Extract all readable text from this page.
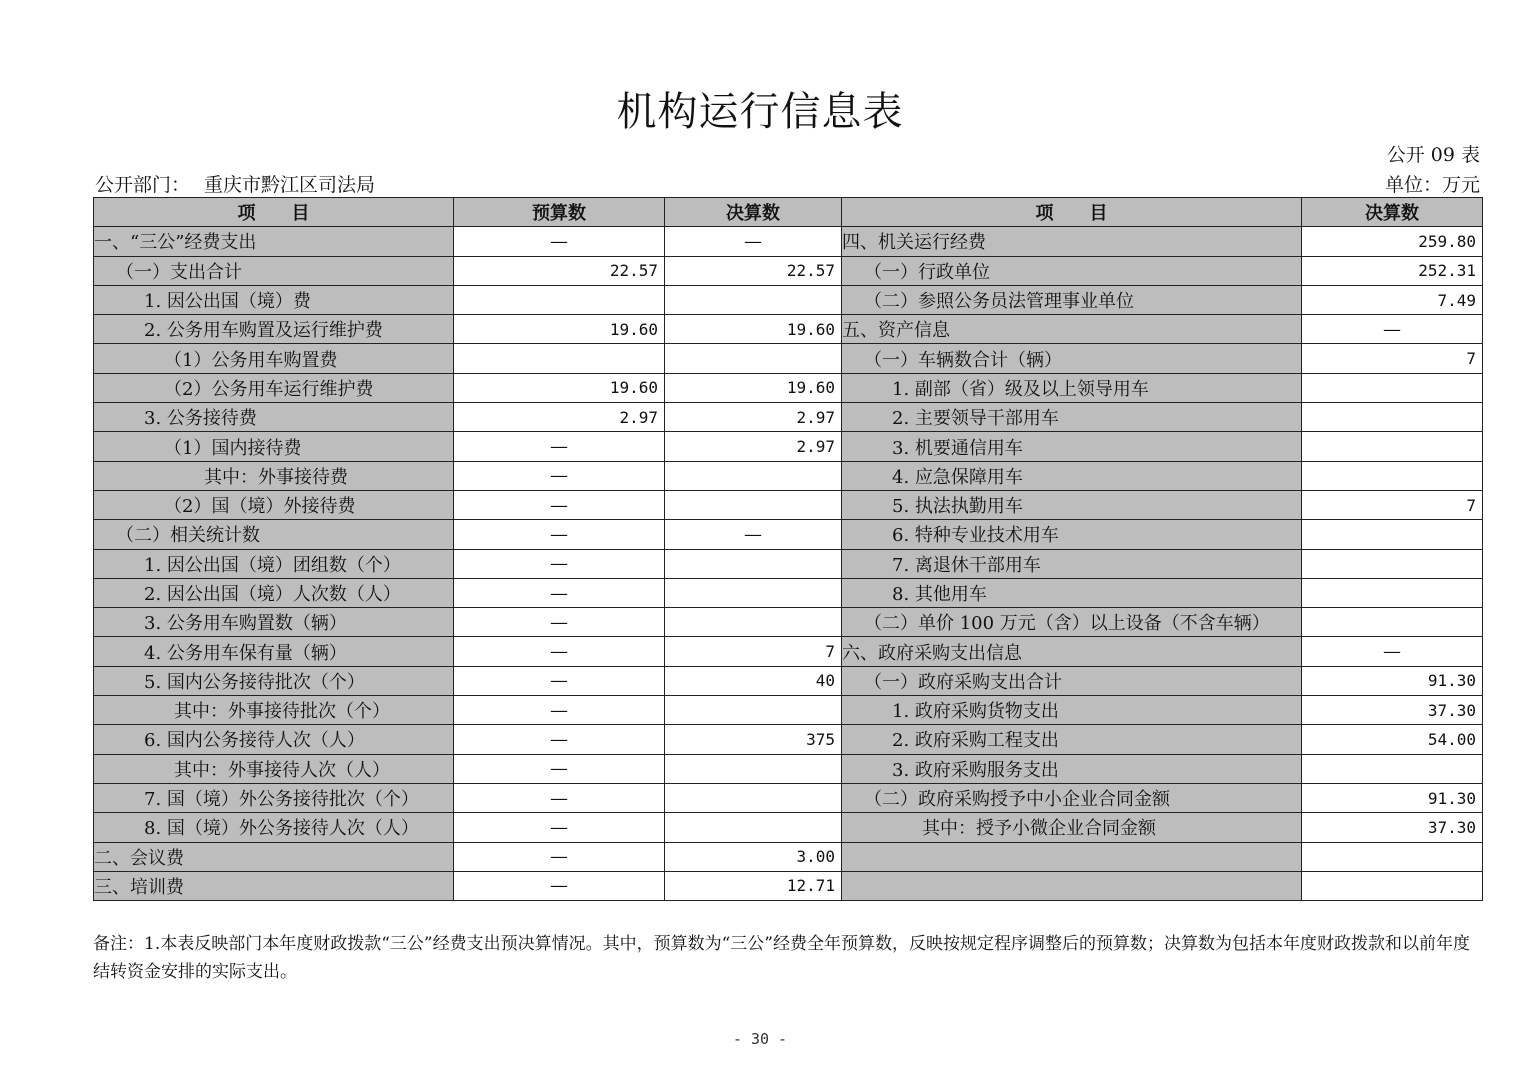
机构运行信息表
公开 09 表
公开部门： 重庆市黔江区司法局	单位：万元
项　　目	预算数	决算数	项　　目	决算数
一、“三公”经费支出	—	—	四、机关运行经费	259.80
（一）支出合计	22.57	22.57	（一）行政单位	252.31
1. 因公出国（境）费			（二）参照公务员法管理事业单位	7.49
2. 公务用车购置及运行维护费	19.60	19.60	五、资产信息	—
（1）公务用车购置费			（一）车辆数合计（辆）	7
（2）公务用车运行维护费	19.60	19.60	1. 副部（省）级及以上领导用车	
3. 公务接待费	2.97	2.97	2. 主要领导干部用车	
（1）国内接待费	—	2.97	3. 机要通信用车	
其中：外事接待费	—		4. 应急保障用车	
（2）国（境）外接待费	—		5. 执法执勤用车	7
（二）相关统计数	—	—	6. 特种专业技术用车	
1. 因公出国（境）团组数（个）	—		7. 离退休干部用车	
2. 因公出国（境）人次数（人）	—		8. 其他用车	
3. 公务用车购置数（辆）	—		（二）单价 100 万元（含）以上设备（不含车辆）	
4. 公务用车保有量（辆）	—	7	六、政府采购支出信息	—
5. 国内公务接待批次（个）	—	40	（一）政府采购支出合计	91.30
其中：外事接待批次（个）	—		1. 政府采购货物支出	37.30
6. 国内公务接待人次（人）	—	375	2. 政府采购工程支出	54.00
其中：外事接待人次（人）	—		3. 政府采购服务支出	
7. 国（境）外公务接待批次（个）	—		（二）政府采购授予中小企业合同金额	91.30
8. 国（境）外公务接待人次（人）	—		其中：授予小微企业合同金额	37.30
二、会议费	—	3.00		
三、培训费	—	12.71		
备注：1.本表反映部门本年度财政拨款“三公”经费支出预决算情况。其中，预算数为“三公”经费全年预算数，反映按规定程序调整后的预算数；决算数为包括本年度财政拨款和以前年度结转资金安排的实际支出。
- 30 -
